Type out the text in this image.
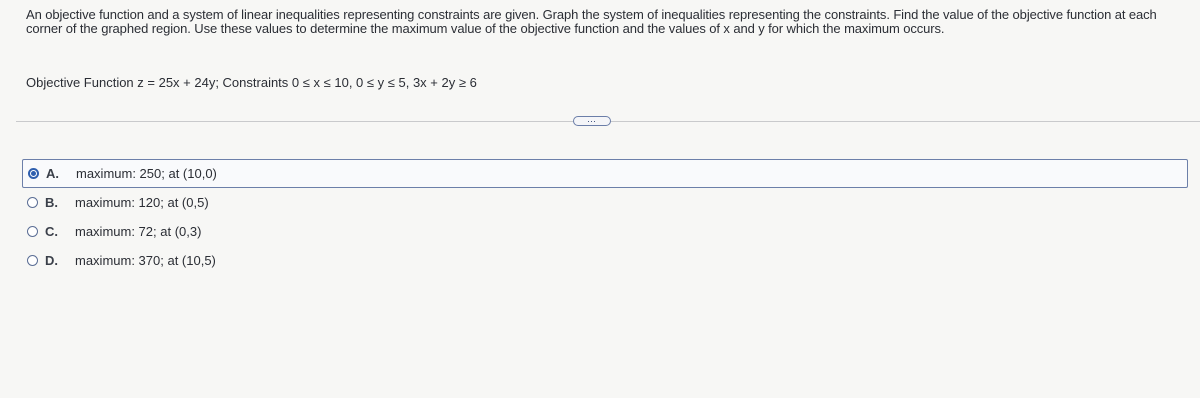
An objective function and a system of linear inequalities representing constraints are given. Graph the system of inequalities representing the constraints. Find the value of the objective function at each corner of the graphed region. Use these values to determine the maximum value of the objective function and the values of x and y for which the maximum occurs.

Objective Function z = 25x + 24y; Constraints 0 ≤ x ≤ 10, 0 ≤ y ≤ 5, 3x + 2y ≥ 6

⋯
A.	maximum: 250; at (10,0)
B.	maximum: 120; at (0,5)
C.	maximum: 72; at (0,3)
D.	maximum: 370; at (10,5)
